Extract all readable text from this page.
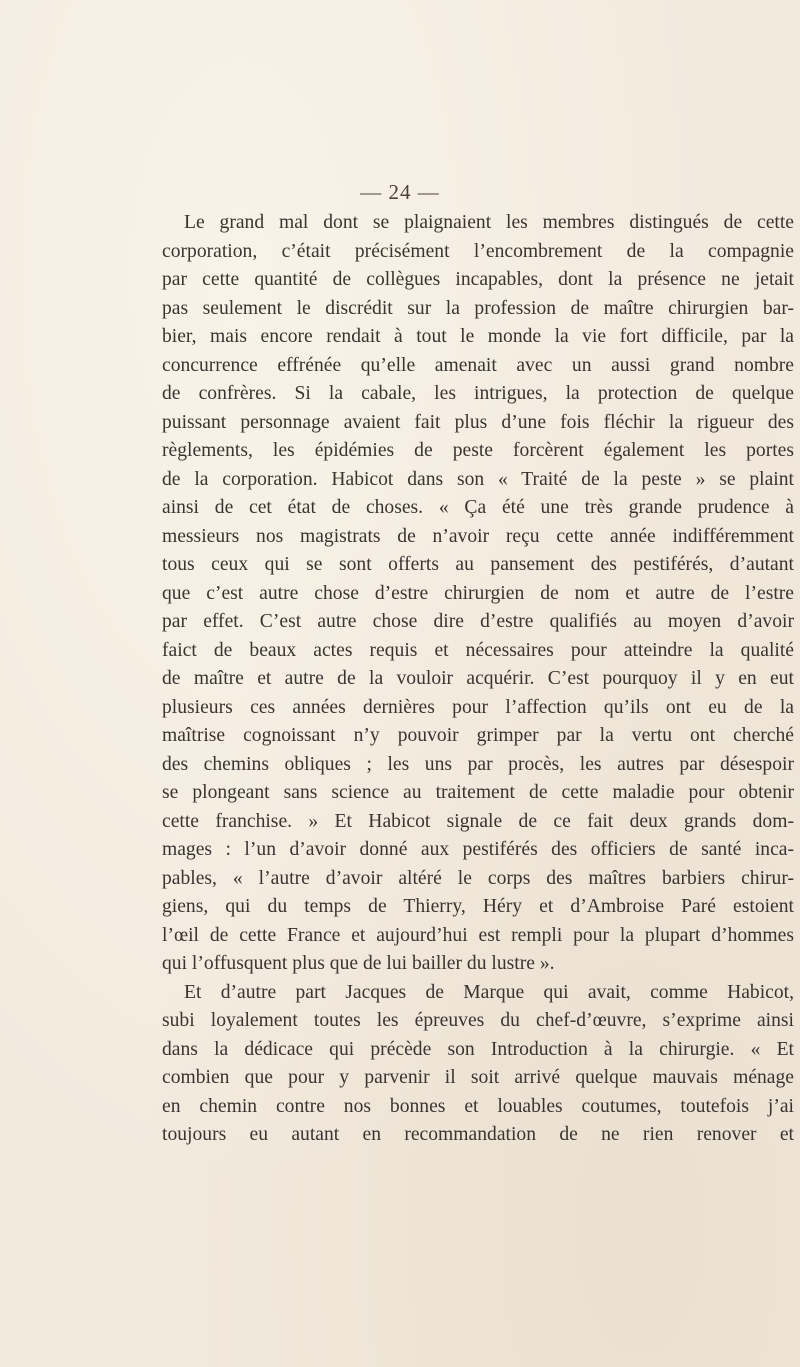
— 24 —
Le grand mal dont se plaignaient les membres distingués de cette
corporation, c’était précisément l’encombrement de la compagnie
par cette quantité de collègues incapables, dont la présence ne jetait
pas seulement le discrédit sur la profession de maître chirurgien bar-
bier, mais encore rendait à tout le monde la vie fort difficile, par la
concurrence effrénée qu’elle amenait avec un aussi grand nombre
de confrères. Si la cabale, les intrigues, la protection de quelque
puissant personnage avaient fait plus d’une fois fléchir la rigueur des
règlements, les épidémies de peste forcèrent également les portes
de la corporation. Habicot dans son « Traité de la peste » se plaint
ainsi de cet état de choses. « Ça été une très grande prudence à
messieurs nos magistrats de n’avoir reçu cette année indifféremment
tous ceux qui se sont offerts au pansement des pestiférés, d’autant
que c’est autre chose d’estre chirurgien de nom et autre de l’estre
par effet. C’est autre chose dire d’estre qualifiés au moyen d’avoir
faict de beaux actes requis et nécessaires pour atteindre la qualité
de maître et autre de la vouloir acquérir. C’est pourquoy il y en eut
plusieurs ces années dernières pour l’affection qu’ils ont eu de la
maîtrise cognoissant n’y pouvoir grimper par la vertu ont cherché
des chemins obliques ; les uns par procès, les autres par désespoir
se plongeant sans science au traitement de cette maladie pour obtenir
cette franchise. » Et Habicot signale de ce fait deux grands dom-
mages : l’un d’avoir donné aux pestiférés des officiers de santé inca-
pables, « l’autre d’avoir altéré le corps des maîtres barbiers chirur-
giens, qui du temps de Thierry, Héry et d’Ambroise Paré estoient
l’œil de cette France et aujourd’hui est rempli pour la plupart d’hommes
qui l’offusquent plus que de lui bailler du lustre ».
Et d’autre part Jacques de Marque qui avait, comme Habicot,
subi loyalement toutes les épreuves du chef-d’œuvre, s’exprime ainsi
dans la dédicace qui précède son Introduction à la chirurgie. « Et
combien que pour y parvenir il soit arrivé quelque mauvais ménage
en chemin contre nos bonnes et louables coutumes, toutefois j’ai
toujours eu autant en recommandation de ne rien renover et
